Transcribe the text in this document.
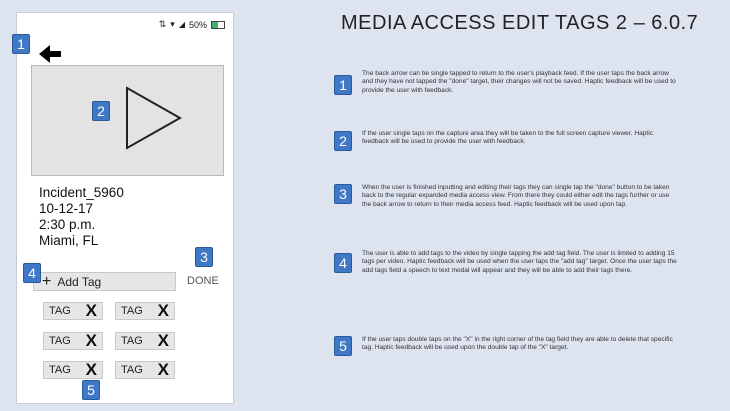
⇅ ▾ ◢ 50%
Incident_5960
10-12-17
2:30 p.m.
Miami, FL
+ Add Tag	DONE
TAG X TAG X
TAG X TAG X
TAG X TAG X
1
2
3
4
5
MEDIA ACCESS EDIT TAGS 2 – 6.0.7
1
The back arrow can be single tapped to return to the user's playback feed. If the user taps the back arrow and they have not tapped the "done" target, their changes will not be saved. Haptic feedback will be used to provide the user with feedback.
2	If the user single taps on the capture area they will be taken to the full screen capture viewer. Haptic feedback will be used to provide the user with feedback.
3	When the user is finished inputting and editing their tags they can single tap the "done" button to be taken back to the regular expanded media access view. From there they could either edit the tags further or use the back arrow to return to their media access feed. Haptic feedback will be used upon tap.
4
The user is able to add tags to the video by single tapping the add tag field. The user is limited to adding 15 tags per video. Haptic feedback will be used when the user taps the "add tag" target. Once the user taps the add tags field a speech to text modal will appear and they will be able to add their tags there.
5	If the user taps double taps on the "X" in the right corner of the tag field they are able to delete that specific tag. Haptic feedback will be used upon the double tap of the "X" target.
